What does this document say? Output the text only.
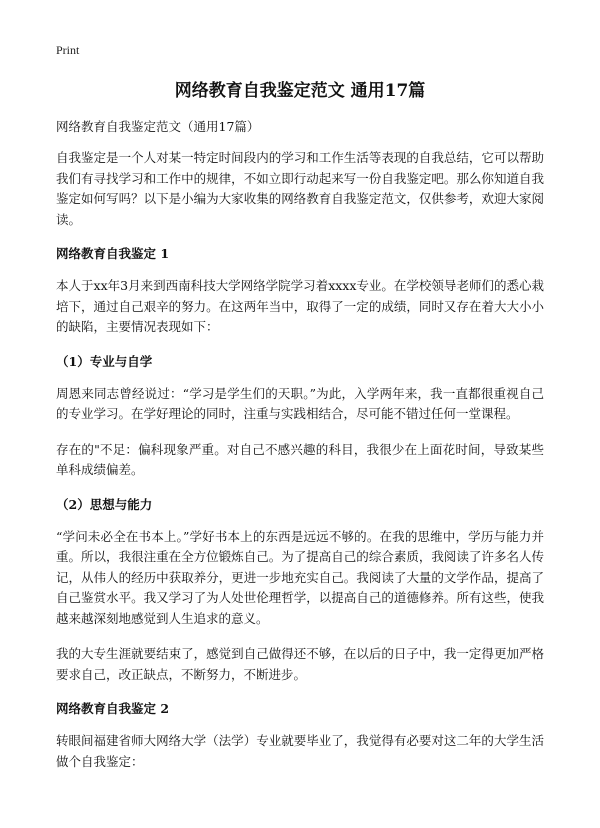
Print
网络教育自我鉴定范文 通用17篇
网络教育自我鉴定范文（通用17篇）

自我鉴定是一个人对某一特定时间段内的学习和工作生活等表现的自我总结，它可以帮助我们有寻找学习和工作中的规律，不如立即行动起来写一份自我鉴定吧。那么你知道自我鉴定如何写吗？以下是小编为大家收集的网络教育自我鉴定范文，仅供参考，欢迎大家阅读。

网络教育自我鉴定 1

本人于xx年3月来到西南科技大学网络学院学习着xxxx专业。在学校领导老师们的悉心栽培下，通过自己艰辛的努力。在这两年当中，取得了一定的成绩，同时又存在着大大小小的缺陷，主要情况表现如下：

（1）专业与自学

周恩来同志曾经说过：“学习是学生们的天职。”为此，入学两年来，我一直都很重视自己的专业学习。在学好理论的同时，注重与实践相结合，尽可能不错过任何一堂课程。

存在的"不足：偏科现象严重。对自己不感兴趣的科目，我很少在上面花时间，导致某些单科成绩偏差。

（2）思想与能力

“学问未必全在书本上。”学好书本上的东西是远远不够的。在我的思维中，学历与能力并重。所以，我很注重在全方位锻炼自己。为了提高自己的综合素质，我阅读了许多名人传记，从伟人的经历中获取养分，更进一步地充实自己。我阅读了大量的文学作品，提高了自己鉴赏水平。我又学习了为人处世伦理哲学，以提高自己的道德修养。所有这些，使我越来越深刻地感觉到人生追求的意义。

我的大专生涯就要结束了，感觉到自己做得还不够，在以后的日子中，我一定得更加严格要求自己，改正缺点，不断努力，不断进步。

网络教育自我鉴定 2

转眼间福建省师大网络大学（法学）专业就要毕业了，我觉得有必要对这二年的大学生活做个自我鉴定：
